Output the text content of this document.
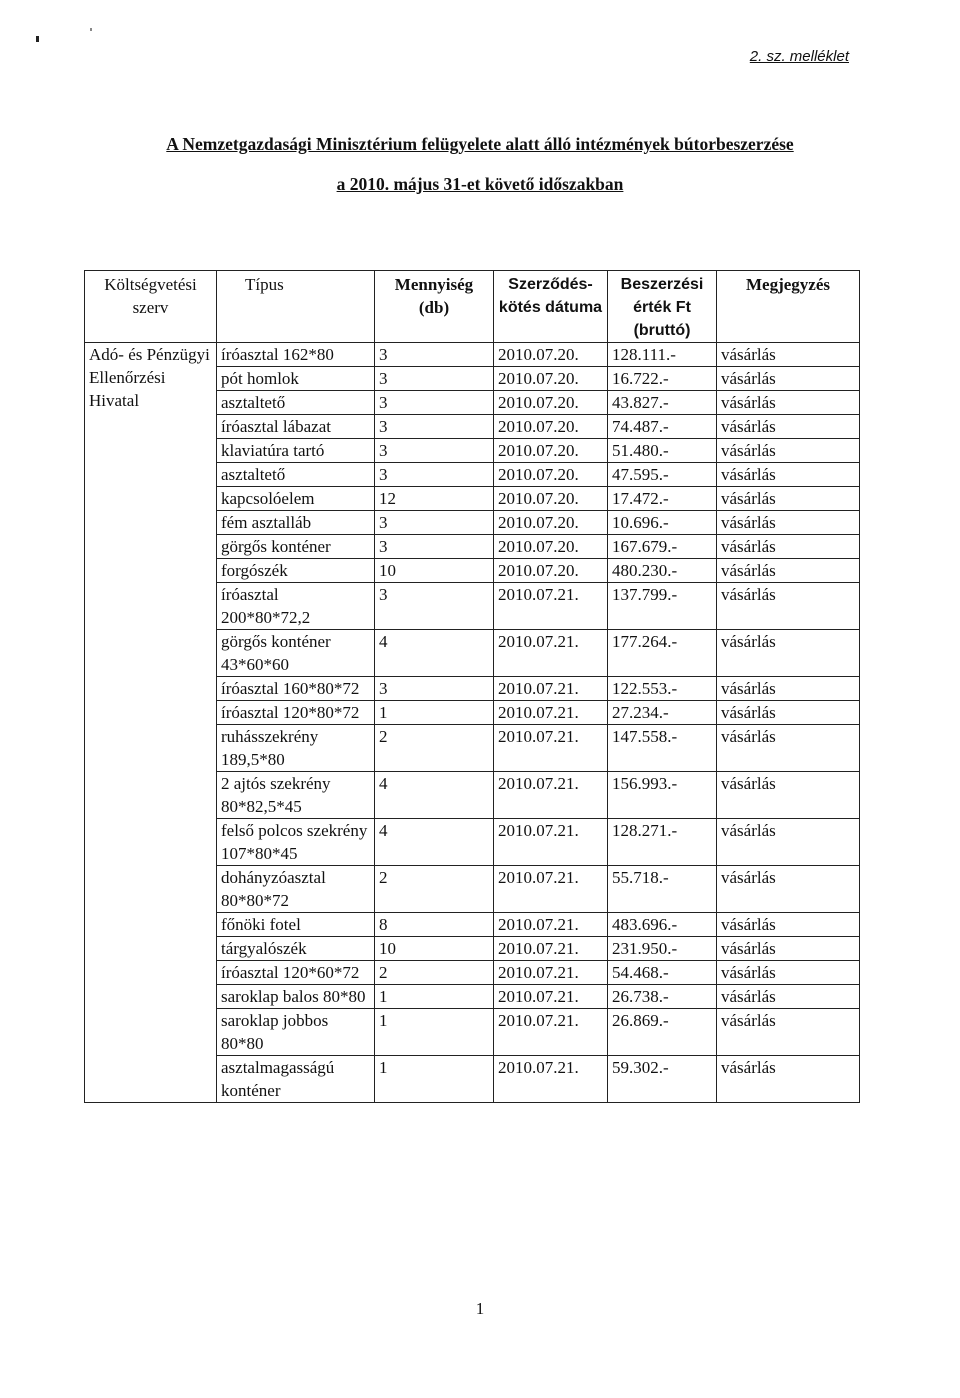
2. sz. melléklet
A Nemzetgazdasági Minisztérium felügyelete alatt álló intézmények bútorbeszerzése
a 2010. május 31-et követő időszakban
Költségvetési szerv	Típus	Mennyiség (db)	Szerződés-kötés dátuma	Beszerzési érték Ft (bruttó)	Megjegyzés
Adó- és Pénzügyi Ellenőrzési Hivatal	íróasztal 162*80	3	2010.07.20.	128.111.-	vásárlás
	pót homlok	3	2010.07.20.	16.722.-	vásárlás
	asztaltető	3	2010.07.20.	43.827.-	vásárlás
	íróasztal lábazat	3	2010.07.20.	74.487.-	vásárlás
	klaviatúra tartó	3	2010.07.20.	51.480.-	vásárlás
	asztaltető	3	2010.07.20.	47.595.-	vásárlás
	kapcsolóelem	12	2010.07.20.	17.472.-	vásárlás
	fém asztalláb	3	2010.07.20.	10.696.-	vásárlás
	görgős konténer	3	2010.07.20.	167.679.-	vásárlás
	forgószék	10	2010.07.20.	480.230.-	vásárlás
	íróasztal 200*80*72,2	3	2010.07.21.	137.799.-	vásárlás
	görgős konténer 43*60*60	4	2010.07.21.	177.264.-	vásárlás
	íróasztal 160*80*72	3	2010.07.21.	122.553.-	vásárlás
	íróasztal 120*80*72	1	2010.07.21.	27.234.-	vásárlás
	ruhásszekrény 189,5*80	2	2010.07.21.	147.558.-	vásárlás
	2 ajtós szekrény 80*82,5*45	4	2010.07.21.	156.993.-	vásárlás
	felső polcos szekrény 107*80*45	4	2010.07.21.	128.271.-	vásárlás
	dohányzóasztal 80*80*72	2	2010.07.21.	55.718.-	vásárlás
	főnöki fotel	8	2010.07.21.	483.696.-	vásárlás
	tárgyalószék	10	2010.07.21.	231.950.-	vásárlás
	íróasztal 120*60*72	2	2010.07.21.	54.468.-	vásárlás
	saroklap balos 80*80	1	2010.07.21.	26.738.-	vásárlás
	saroklap jobbos 80*80	1	2010.07.21.	26.869.-	vásárlás
	asztalmagasságú konténer	1	2010.07.21.	59.302.-	vásárlás
1
